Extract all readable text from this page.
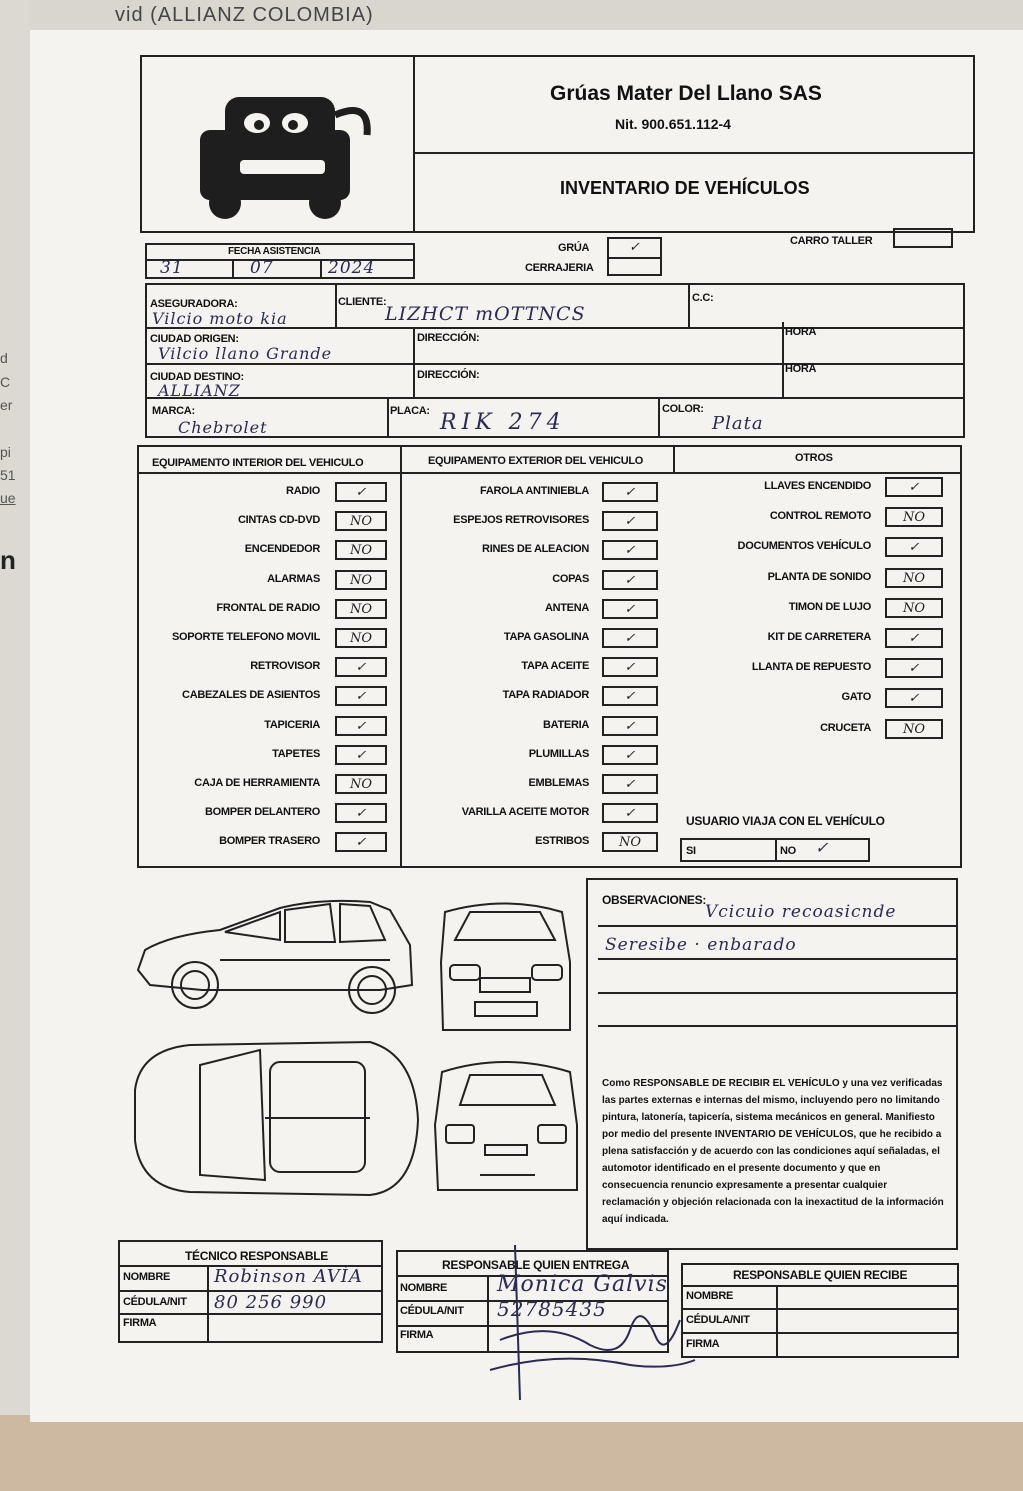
vid (ALLIANZ COLOMBIA)
d
C
er
pi
51
ue
n
Grúas Mater Del Llano SAS
Nit. 900.651.112-4
INVENTARIO DE VEHÍCULOS
FECHA ASISTENCIA
31	07	2024
GRÚA	✓
CERRAJERIA
CARRO TALLER
ASEGURADORA:
Vilcio moto kia
CLIENTE:
LIZHCT mOTTNCS
C.C:
CIUDAD ORIGEN:
Vilcio llano Grande
DIRECCIÓN:	HORA
CIUDAD DESTINO:
ALLIANZ
DIRECCIÓN:	HORA
MARCA:
Chebrolet
PLACA: RIK 274
COLOR:
Plata
EQUIPAMENTO INTERIOR DEL VEHICULO	EQUIPAMENTO EXTERIOR DEL VEHICULO	OTROS
RADIO	✓
CINTAS CD-DVD	NO
ENCENDEDOR	NO
ALARMAS	NO
FRONTAL DE RADIO	NO
SOPORTE TELEFONO MOVIL	NO
RETROVISOR	✓
CABEZALES DE ASIENTOS	✓
TAPICERIA	✓
TAPETES	✓
CAJA DE HERRAMIENTA	NO
BOMPER DELANTERO	✓
BOMPER TRASERO	✓
FAROLA ANTINIEBLA	✓
ESPEJOS RETROVISORES	✓
RINES DE ALEACION	✓
COPAS	✓
ANTENA	✓
TAPA GASOLINA	✓
TAPA ACEITE	✓
TAPA RADIADOR	✓
BATERIA	✓
PLUMILLAS	✓
EMBLEMAS	✓
VARILLA ACEITE MOTOR	✓
ESTRIBOS	NO
LLAVES ENCENDIDO	✓
CONTROL REMOTO	NO
DOCUMENTOS VEHÍCULO	✓
PLANTA DE SONIDO	NO
TIMON DE LUJO	NO
KIT DE CARRETERA	✓
LLANTA DE REPUESTO	✓
GATO	✓
CRUCETA	NO
USUARIO VIAJA CON EL VEHÍCULO
SI	NO ✓
OBSERVACIONES:
Vcicuio recoasicnde
Seresibe · enbarado
Como RESPONSABLE DE RECIBIR EL VEHÍCULO y una vez verificadas las partes externas e internas del mismo, incluyendo pero no limitando pintura, latonería, tapicería, sistema mecánicos en general. Manifiesto por medio del presente INVENTARIO DE VEHÍCULOS, que he recibido a plena satisfacción y de acuerdo con las condiciones aquí señaladas, el automotor identificado en el presente documento y que en consecuencia renuncio expresamente a presentar cualquier reclamación y objeción relacionada con la inexactitud de la información aquí indicada.
TÉCNICO RESPONSABLE
NOMBRE Robinson AVÍA
CÉDULA/NIT 80 256 990
FIRMA
RESPONSABLE QUIEN ENTREGA
NOMBRE Monica Galvis
CÉDULA/NIT 52785435
FIRMA
RESPONSABLE QUIEN RECIBE
NOMBRE
CÉDULA/NIT
FIRMA
